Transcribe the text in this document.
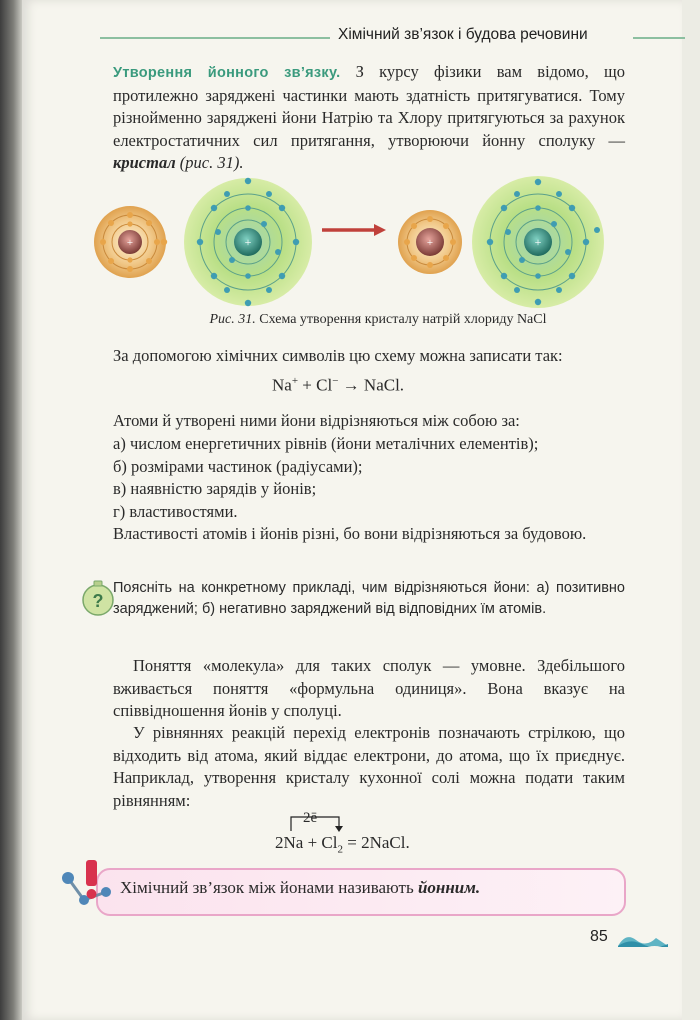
Хімічний зв’язок і будова речовини
Утворення йонного зв’язку. З курсу фізики вам відомо, що протилежно заряджені частинки мають здатність притягуватися. Тому різнойменно заряджені йони Натрію та Хлору притягуються за рахунок електростатичних сил притягання, утворюючи йонну сполуку — кристал (рис. 31).
+	+	+	+
Рис. 31. Схема утворення кристалу натрій хлориду NaCl
За допомогою хімічних символів цю схему можна записати так:
Na+ + Cl− → NaCl.
Атоми й утворені ними йони відрізняються між собою за:
а) числом енергетичних рівнів (йони металічних елементів);
б) розмірами частинок (радіусами);
в) наявністю зарядів у йонів;
г) властивостями.
Властивості атомів і йонів різні, бо вони відрізняються за будовою.
?
Поясніть на конкретному прикладі, чим відрізняються йони: а) позитивно заряджений; б) негативно заряджений від відповідних їм атомів.
Поняття «молекула» для таких сполук — умовне. Здебільшого вживається поняття «формульна одиниця». Вона вказує на співвідношення йонів у сполуці.
У рівняннях реакцій перехід електронів позначають стрілкою, що відходить від атома, який віддає електрони, до атома, що їх приєднує. Наприклад, утворення кристалу кухонної солі можна подати таким рівнянням:
2ē
$2Na + Cl_2$ = 2NaCl.
Хімічний зв’язок між йонами називають йонним.
85
